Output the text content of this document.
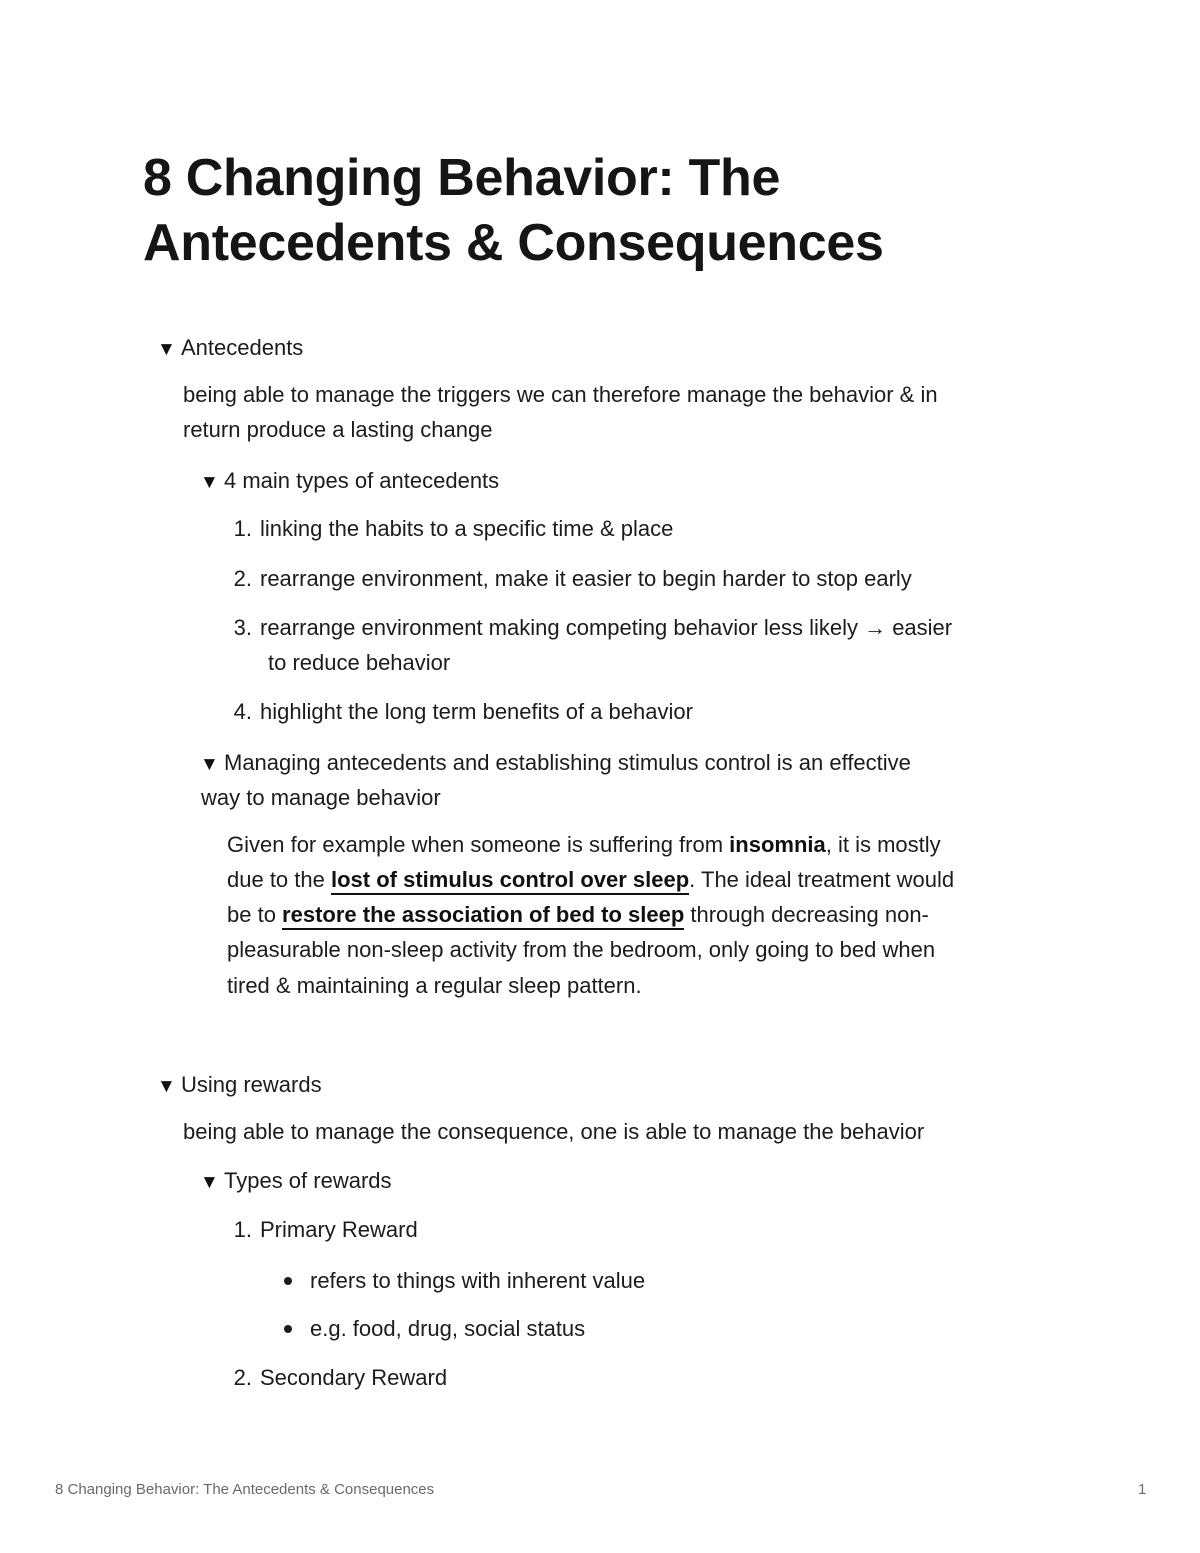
8 Changing Behavior: The
Antecedents & Consequences
▼ Antecedents
being able to manage the triggers we can therefore manage the behavior & in
return produce a lasting change
▼ 4 main types of antecedents
1. linking the habits to a specific time & place
2. rearrange environment, make it easier to begin harder to stop early
3. rearrange environment making competing behavior less likely → easier
to reduce behavior
4. highlight the long term benefits of a behavior
▼ Managing antecedents and establishing stimulus control is an effective
way to manage behavior
Given for example when someone is suffering from insomnia, it is mostly
due to the lost of stimulus control over sleep. The ideal treatment would
be to restore the association of bed to sleep through decreasing non-
pleasurable non-sleep activity from the bedroom, only going to bed when
tired & maintaining a regular sleep pattern.
▼ Using rewards
being able to manage the consequence, one is able to manage the behavior
▼ Types of rewards
1. Primary Reward
refers to things with inherent value
e.g. food, drug, social status
2. Secondary Reward
8 Changing Behavior: The Antecedents & Consequences	1
